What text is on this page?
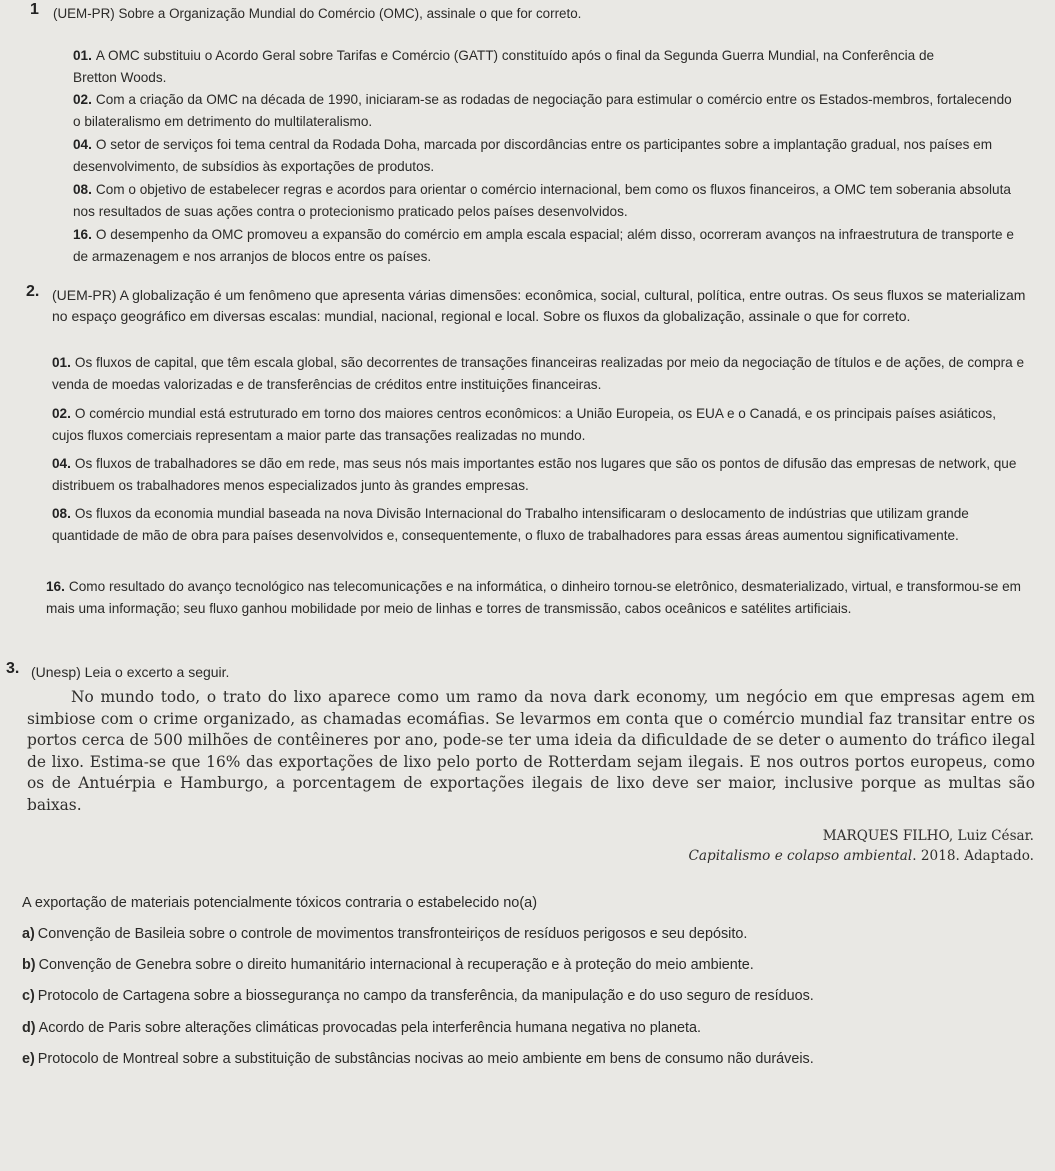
1 (UEM-PR) Sobre a Organização Mundial do Comércio (OMC), assinale o que for correto.
01. A OMC substituiu o Acordo Geral sobre Tarifas e Comércio (GATT) constituído após o final da Segunda Guerra Mundial, na Conferência de Bretton Woods.
02. Com a criação da OMC na década de 1990, iniciaram-se as rodadas de negociação para estimular o comércio entre os Estados-membros, fortalecendo o bilateralismo em detrimento do multilateralismo.
04. O setor de serviços foi tema central da Rodada Doha, marcada por discordâncias entre os participantes sobre a implantação gradual, nos países em desenvolvimento, de subsídios às exportações de produtos.
08. Com o objetivo de estabelecer regras e acordos para orientar o comércio internacional, bem como os fluxos financeiros, a OMC tem soberania absoluta nos resultados de suas ações contra o protecionismo praticado pelos países desenvolvidos.
16. O desempenho da OMC promoveu a expansão do comércio em ampla escala espacial; além disso, ocorreram avanços na infraestrutura de transporte e de armazenagem e nos arranjos de blocos entre os países.
2. (UEM-PR) A globalização é um fenômeno que apresenta várias dimensões: econômica, social, cultural, política, entre outras. Os seus fluxos se materializam no espaço geográfico em diversas escalas: mundial, nacional, regional e local. Sobre os fluxos da globalização, assinale o que for correto.
01. Os fluxos de capital, que têm escala global, são decorrentes de transações financeiras realizadas por meio da negociação de títulos e de ações, de compra e venda de moedas valorizadas e de transferências de créditos entre instituições financeiras.
02. O comércio mundial está estruturado em torno dos maiores centros econômicos: a União Europeia, os EUA e o Canadá, e os principais países asiáticos, cujos fluxos comerciais representam a maior parte das transações realizadas no mundo.
04. Os fluxos de trabalhadores se dão em rede, mas seus nós mais importantes estão nos lugares que são os pontos de difusão das empresas de network, que distribuem os trabalhadores menos especializados junto às grandes empresas.
08. Os fluxos da economia mundial baseada na nova Divisão Internacional do Trabalho intensificaram o deslocamento de indústrias que utilizam grande quantidade de mão de obra para países desenvolvidos e, consequentemente, o fluxo de trabalhadores para essas áreas aumentou significativamente.
16. Como resultado do avanço tecnológico nas telecomunicações e na informática, o dinheiro tornou-se eletrônico, desmaterializado, virtual, e transformou-se em mais uma informação; seu fluxo ganhou mobilidade por meio de linhas e torres de transmissão, cabos oceânicos e satélites artificiais.
3. (Unesp) Leia o excerto a seguir.

No mundo todo, o trato do lixo aparece como um ramo da nova dark economy, um negócio em que empresas agem em simbiose com o crime organizado, as chamadas ecomáfias. Se levarmos em conta que o comércio mundial faz transitar entre os portos cerca de 500 milhões de contêineres por ano, pode-se ter uma ideia da dificuldade de se deter o aumento do tráfico ilegal de lixo. Estima-se que 16% das exportações de lixo pelo porto de Rotterdam sejam ilegais. E nos outros portos europeus, como os de Antuérpia e Hamburgo, a porcentagem de exportações ilegais de lixo deve ser maior, inclusive porque as multas são baixas.

MARQUES FILHO, Luiz César.
Capitalismo e colapso ambiental. 2018. Adaptado.
A exportação de materiais potencialmente tóxicos contraria o estabelecido no(a)
a) Convenção de Basileia sobre o controle de movimentos transfronteiriços de resíduos perigosos e seu depósito.
b) Convenção de Genebra sobre o direito humanitário internacional à recuperação e à proteção do meio ambiente.
c) Protocolo de Cartagena sobre a biossegurança no campo da transferência, da manipulação e do uso seguro de resíduos.
d) Acordo de Paris sobre alterações climáticas provocadas pela interferência humana negativa no planeta.
e) Protocolo de Montreal sobre a substituição de substâncias nocivas ao meio ambiente em bens de consumo não duráveis.
